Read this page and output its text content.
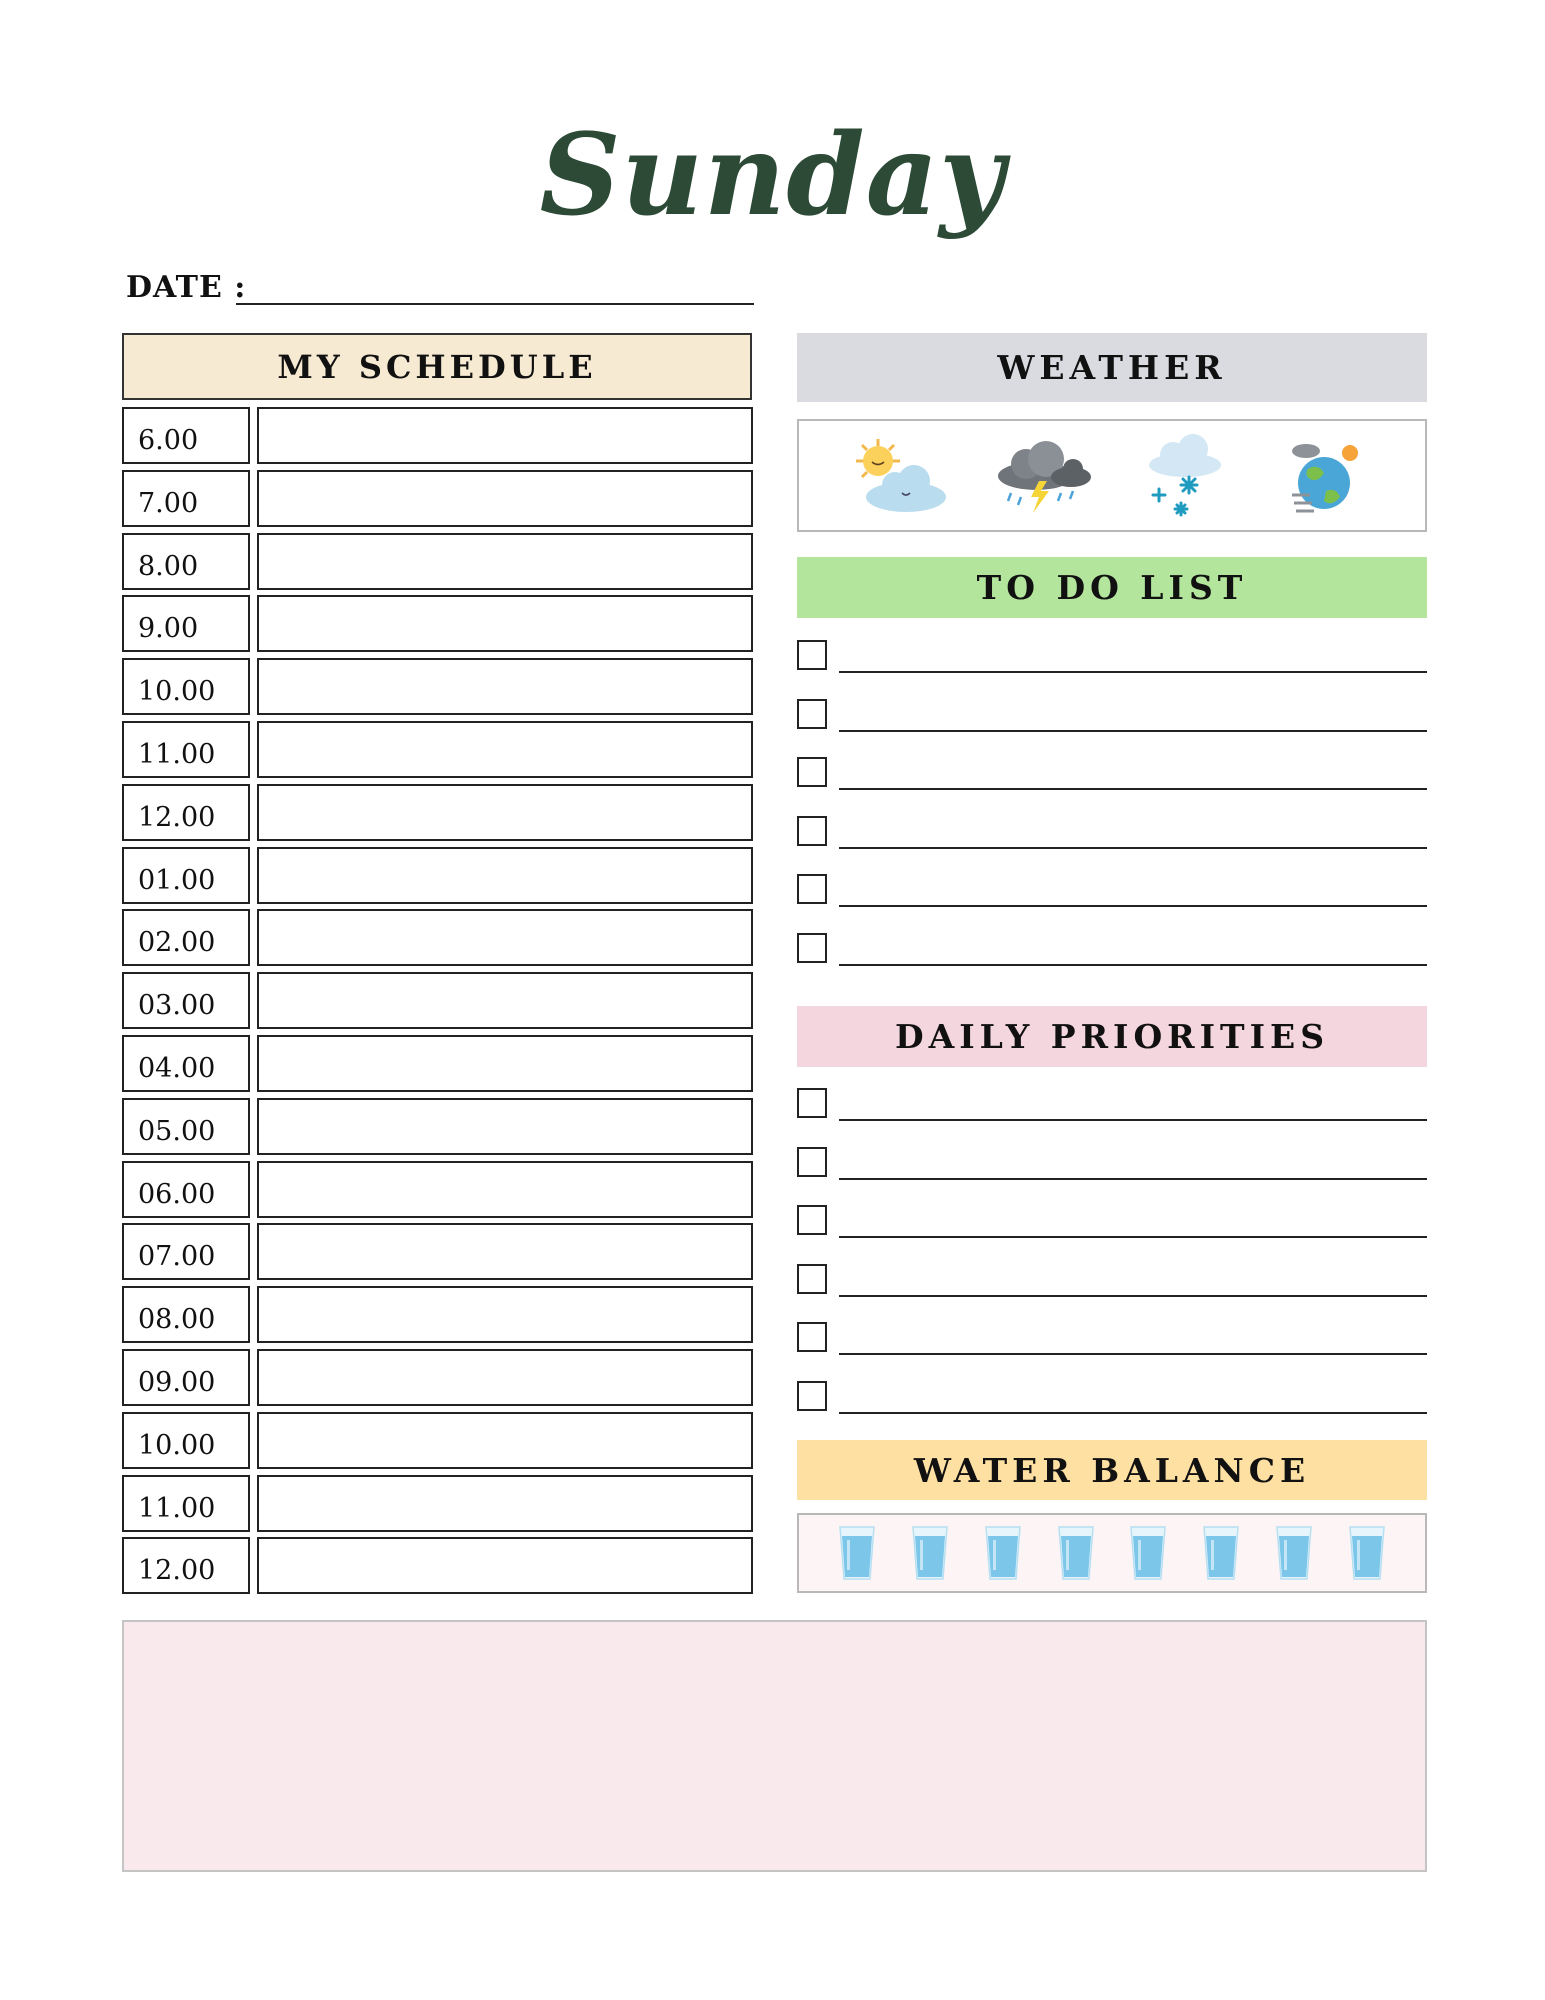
Sunday
DATE :
MY SCHEDULE
6.00
7.00
8.00
9.00
10.00
11.00
12.00
01.00
02.00
03.00
04.00
05.00
06.00
07.00
08.00
09.00
10.00
11.00
12.00
WEATHER
TO DO LIST
DAILY PRIORITIES
WATER BALANCE
